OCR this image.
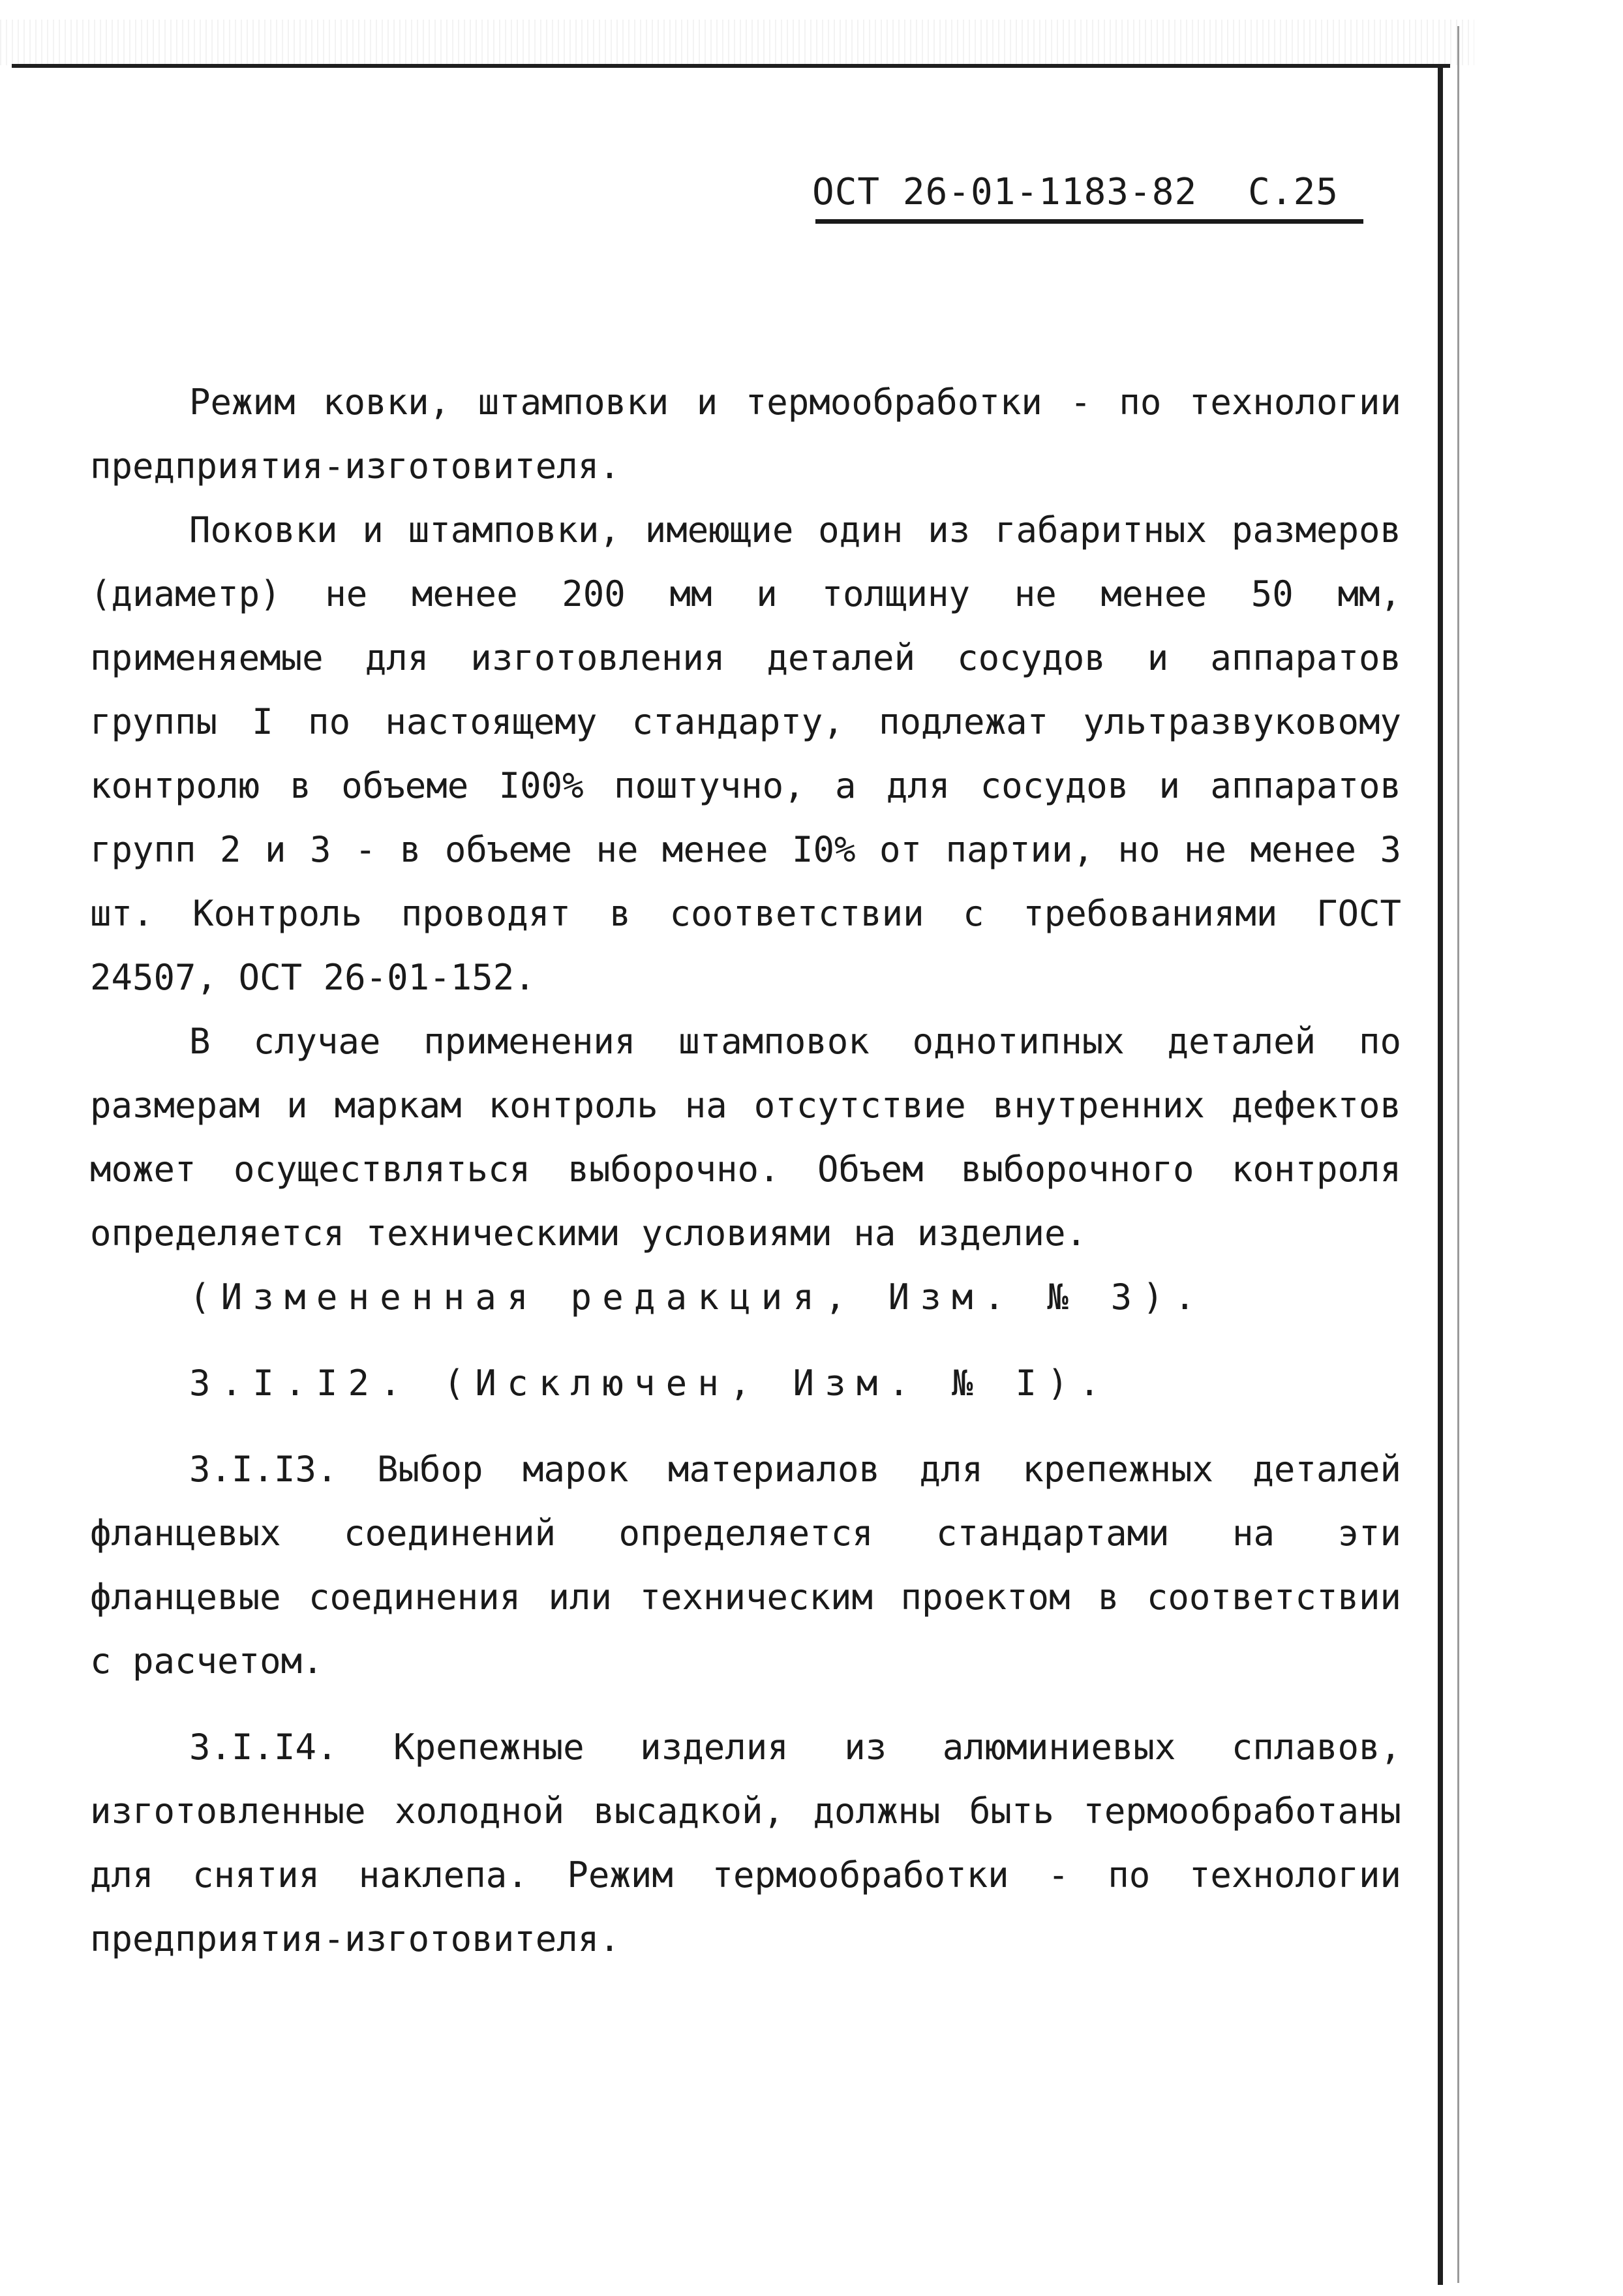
ОСТ 26-01-1183-82 С.25

Режим ковки, штамповки и термообработки - по технологии предприятия-изготовителя.

Поковки и штамповки, имеющие один из габаритных размеров (диаметр) не менее 200 мм и толщину не менее 50 мм, применяемые для изготовления деталей сосудов и аппаратов группы I по настоящему стандарту, подлежат ультразвуковому контролю в объеме I00% поштучно, а для сосудов и аппаратов групп 2 и 3 - в объеме не менее I0% от партии, но не менее 3 шт. Контроль проводят в соответствии с требованиями ГОСТ 24507, ОСТ 26-01-152.

В случае применения штамповок однотипных деталей по размерам и маркам контроль на отсутствие внутренних дефектов может осуществляться выборочно. Объем выборочного контроля определяется техническими условиями на изделие.

(Измененная редакция, Изм. № 3).

3.I.I2. (Исключен, Изм. № I).

3.I.I3. Выбор марок материалов для крепежных деталей фланцевых соединений определяется стандартами на эти фланцевые соединения или техническим проектом в соответствии с расчетом.

3.I.I4. Крепежные изделия из алюминиевых сплавов, изготовленные холодной высадкой, должны быть термообработаны для снятия наклепа. Режим термообработки - по технологии предприятия-изготовителя.
